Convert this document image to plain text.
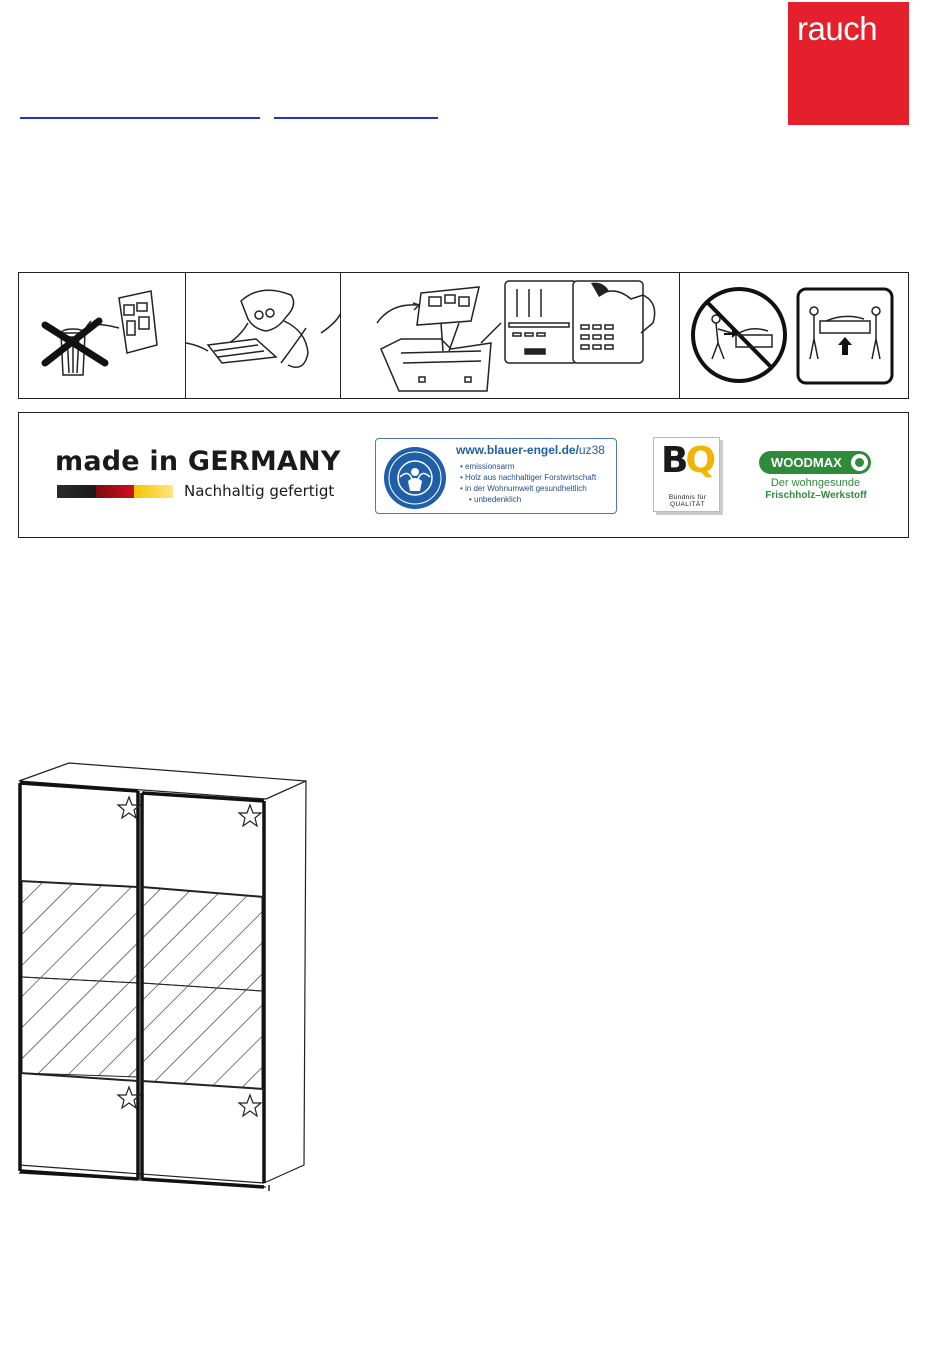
rauch
made in GERMANY
Nachhaltig gefertigt
www.blauer-engel.de/uz38
• emissionsarm
• Holz aus nachhaltiger Forstwirtschaft
• in der Wohnumwelt gesundheitlich
• unbedenklich
BQ
Bündnis für QUALITÄT
WOODMAX
Der wohngesunde
Frischholz–Werkstoff
